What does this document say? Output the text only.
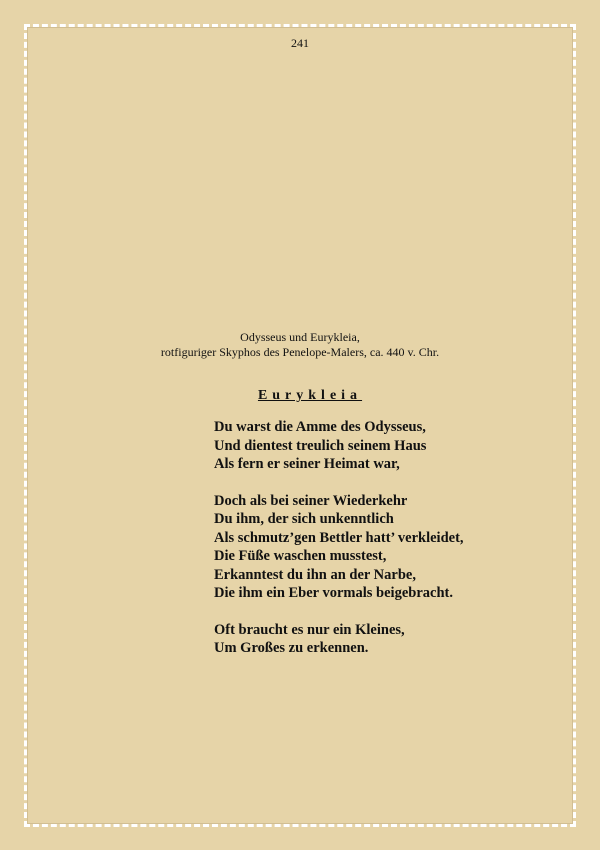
241
Odysseus und Eurykleia,
rotfiguriger Skyphos des Penelope-Malers, ca. 440 v. Chr.
Eurykleia
Du warst die Amme des Odysseus,
Und dientest treulich seinem Haus
Als fern er seiner Heimat war,
Doch als bei seiner Wiederkehr
Du ihm, der sich unkenntlich
Als schmutz’gen Bettler hatt’ verkleidet,
Die Füße waschen musstest,
Erkanntest du ihn an der Narbe,
Die ihm ein Eber vormals beigebracht.
Oft braucht es nur ein Kleines,
Um Großes zu erkennen.
